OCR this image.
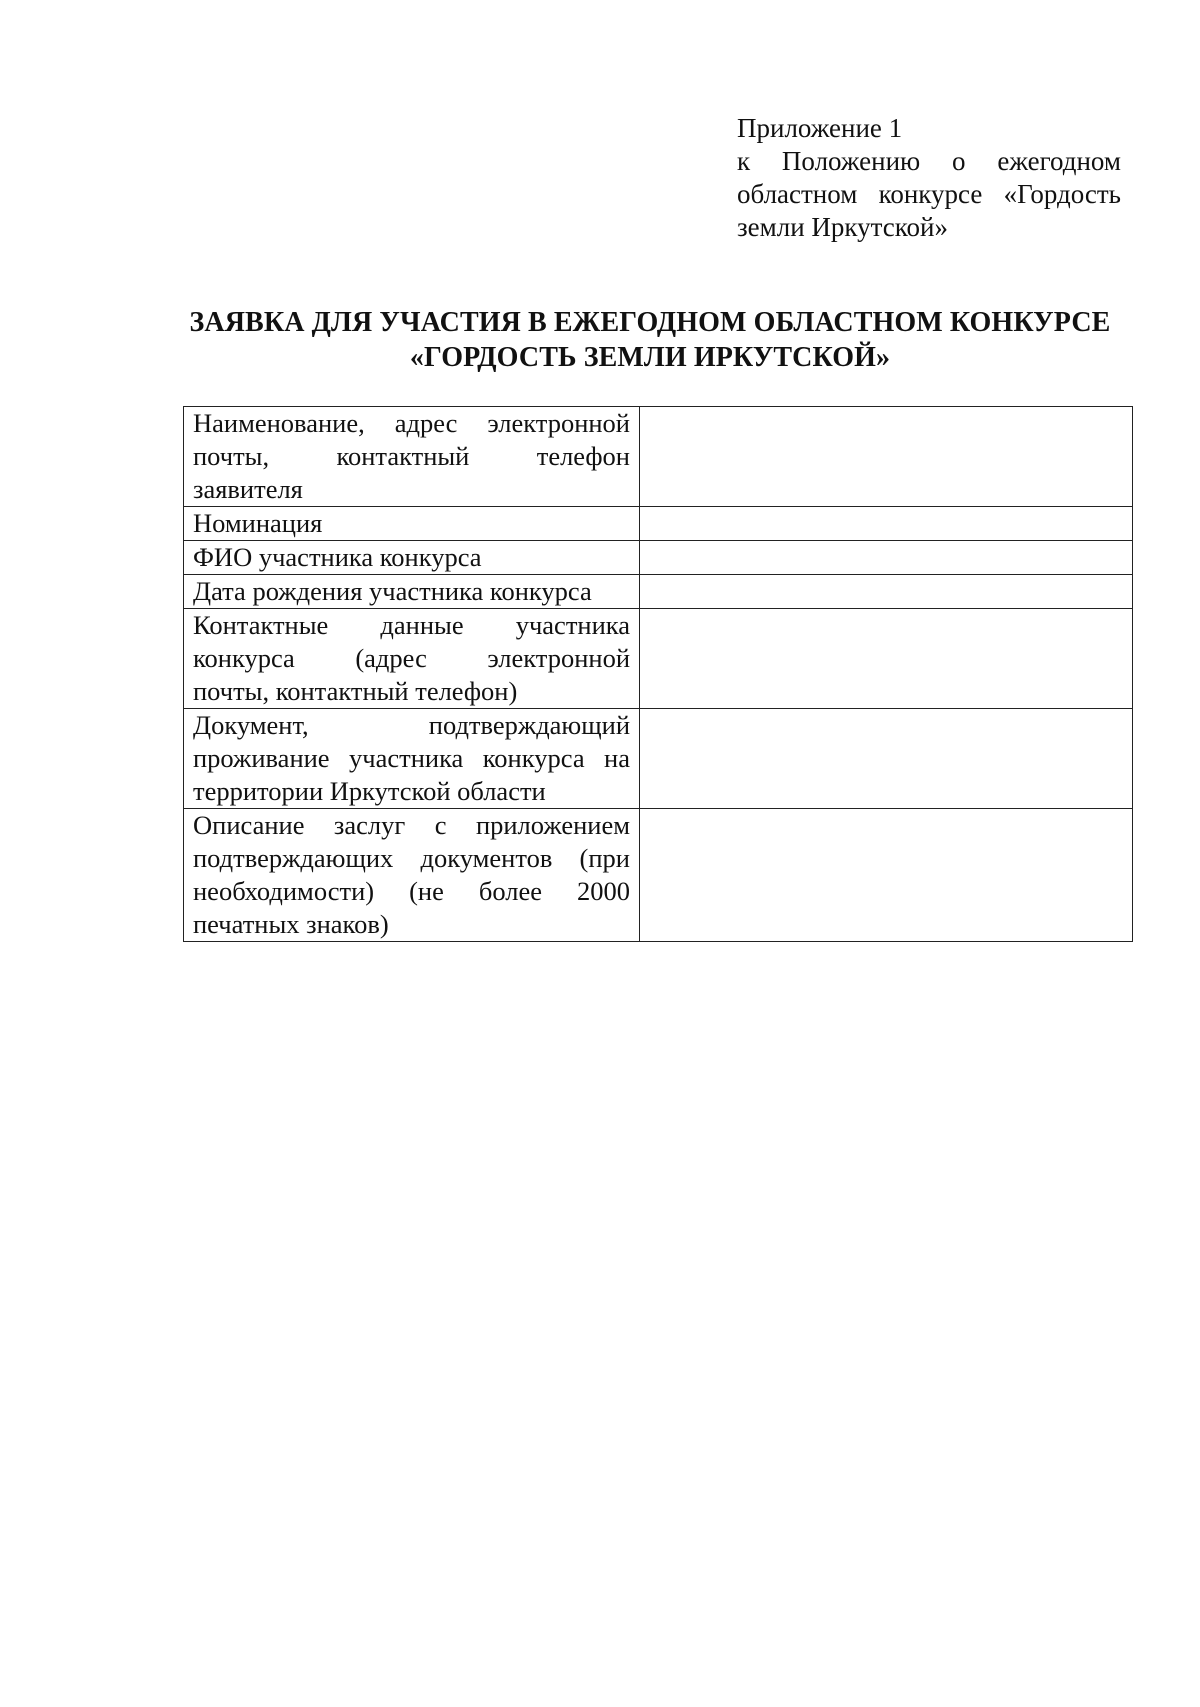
Приложение 1
к Положению о ежегодном
областном конкурсе «Гордость
земли Иркутской»
ЗАЯВКА ДЛЯ УЧАСТИЯ В ЕЖЕГОДНОМ ОБЛАСТНОМ КОНКУРСЕ
«ГОРДОСТЬ ЗЕМЛИ ИРКУТСКОЙ»
Наименование, адрес электронной
почты, контактный телефон
заявителя	

Номинация	

ФИО участника конкурса	

Дата рождения участника конкурса	

Контактные данные участника
конкурса (адрес электронной
почты, контактный телефон)	

Документ, подтверждающий
проживание участника конкурса на
территории Иркутской области	

Описание заслуг с приложением
подтверждающих документов (при
необходимости) (не более 2000
печатных знаков)	
